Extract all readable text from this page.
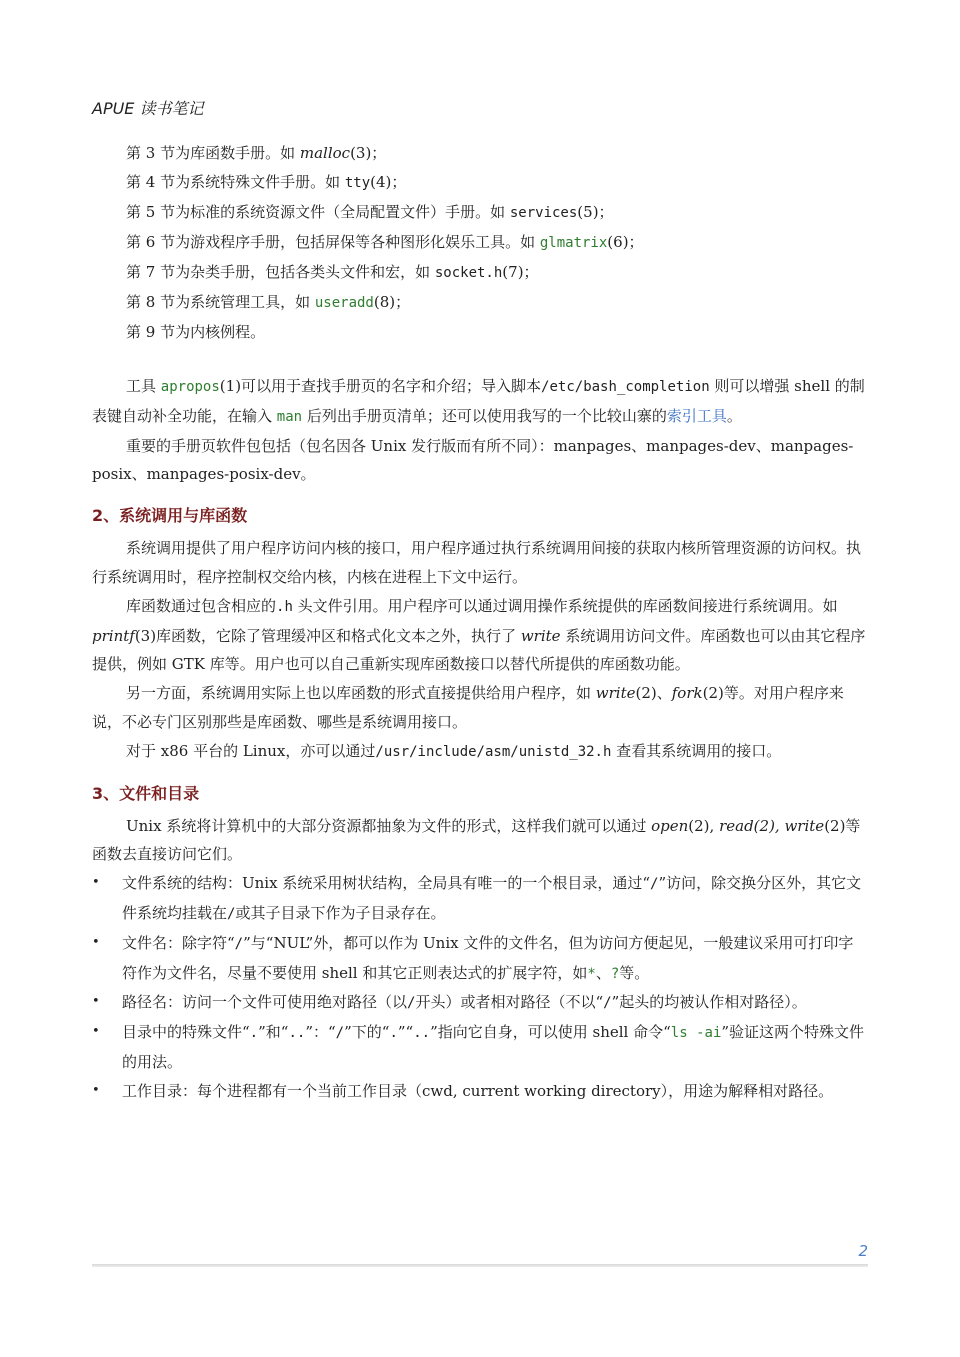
APUE 读书笔记

第 3 节为库函数手册。如 malloc(3)；

第 4 节为系统特殊文件手册。如 tty(4)；

第 5 节为标准的系统资源文件（全局配置文件）手册。如 services(5)；

第 6 节为游戏程序手册，包括屏保等各种图形化娱乐工具。如 glmatrix(6)；

第 7 节为杂类手册，包括各类头文件和宏，如 socket.h(7)；

第 8 节为系统管理工具，如 useradd(8)；

第 9 节为内核例程。

工具 apropos(1)可以用于查找手册页的名字和介绍；导入脚本/etc/bash_completion 则可以增强 shell 的制表键自动补全功能，在输入 man 后列出手册页清单；还可以使用我写的一个比较山寨的索引工具。

重要的手册页软件包包括（包名因各 Unix 发行版而有所不同）：manpages、manpages-dev、manpages-posix、manpages-posix-dev。

2、系统调用与库函数

系统调用提供了用户程序访问内核的接口，用户程序通过执行系统调用间接的获取内核所管理资源的访问权。执行系统调用时，程序控制权交给内核，内核在进程上下文中运行。

库函数通过包含相应的.h 头文件引用。用户程序可以通过调用操作系统提供的库函数间接进行系统调用。如printf(3)库函数，它除了管理缓冲区和格式化文本之外，执行了 write 系统调用访问文件。库函数也可以由其它程序提供，例如 GTK 库等。用户也可以自己重新实现库函数接口以替代所提供的库函数功能。

另一方面，系统调用实际上也以库函数的形式直接提供给用户程序，如 write(2)、fork(2)等。对用户程序来说，不必专门区别那些是库函数、哪些是系统调用接口。

对于 x86 平台的 Linux，亦可以通过/usr/include/asm/unistd_32.h 查看其系统调用的接口。

3、文件和目录

Unix 系统将计算机中的大部分资源都抽象为文件的形式，这样我们就可以通过 open(2), read(2), write(2)等函数去直接访问它们。

• 文件系统的结构：Unix 系统采用树状结构，全局具有唯一的一个根目录，通过“/”访问，除交换分区外，其它文件系统均挂载在/或其子目录下作为子目录存在。
• 文件名：除字符“/”与“NUL”外，都可以作为 Unix 文件的文件名，但为访问方便起见，一般建议采用可打印字符作为文件名，尽量不要使用 shell 和其它正则表达式的扩展字符，如*、?等。
• 路径名：访问一个文件可使用绝对路径（以/开头）或者相对路径（不以“/”起头的均被认作相对路径）。
• 目录中的特殊文件“.”和“..”：“/”下的“.”“..”指向它自身，可以使用 shell 命令“ls -ai”验证这两个特殊文件的用法。
• 工作目录：每个进程都有一个当前工作目录（cwd, current working directory），用途为解释相对路径。
2
